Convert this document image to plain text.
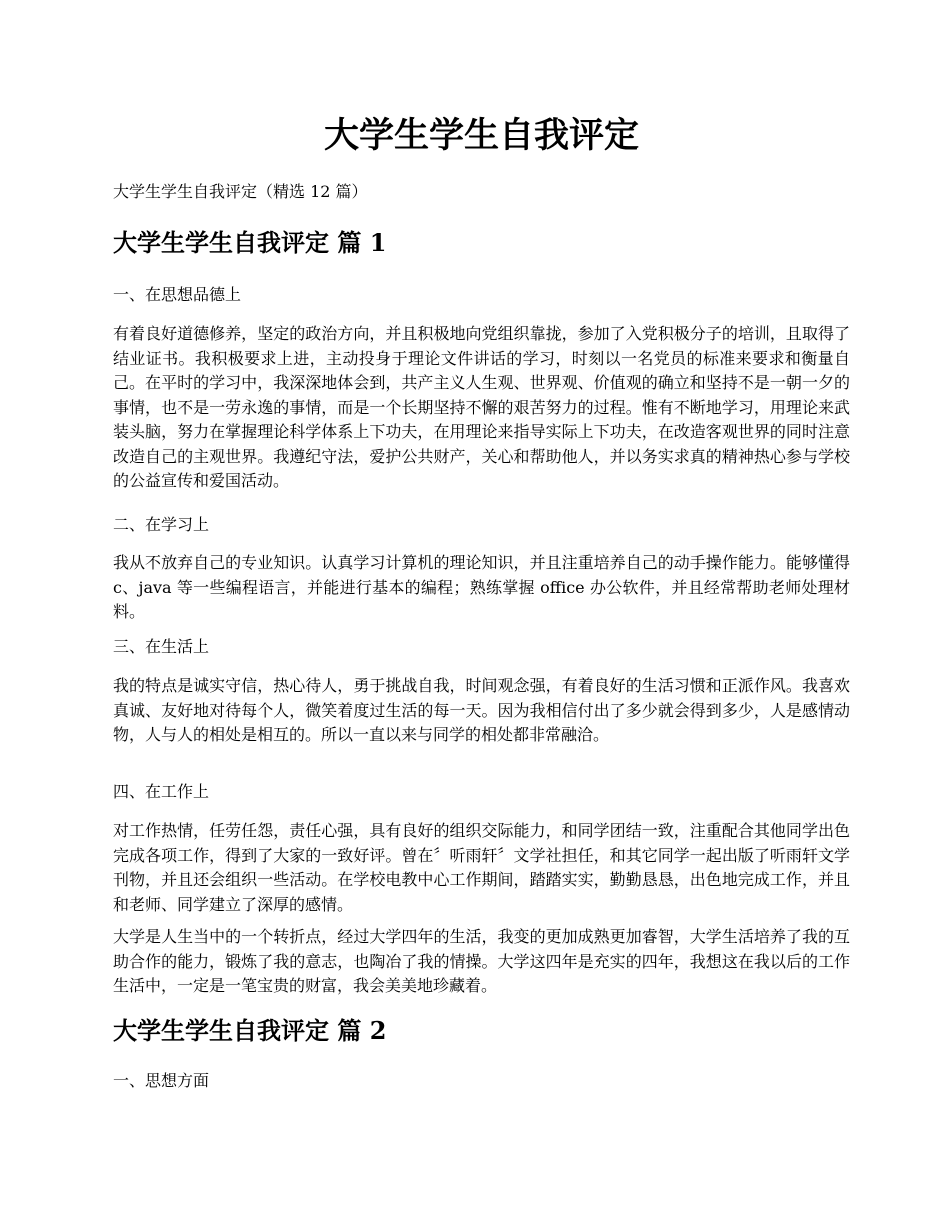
大学生学生自我评定

大学生学生自我评定（精选 12 篇）

大学生学生自我评定 篇 1

一、在思想品德上

有着良好道德修养，坚定的政治方向，并且积极地向党组织靠拢，参加了入党积极分子的培训，且取得了结业证书。我积极要求上进，主动投身于理论文件讲话的学习，时刻以一名党员的标准来要求和衡量自己。在平时的学习中，我深深地体会到，共产主义人生观、世界观、价值观的确立和坚持不是一朝一夕的事情，也不是一劳永逸的事情，而是一个长期坚持不懈的艰苦努力的过程。惟有不断地学习，用理论来武装头脑，努力在掌握理论科学体系上下功夫，在用理论来指导实际上下功夫，在改造客观世界的同时注意改造自己的主观世界。我遵纪守法，爱护公共财产，关心和帮助他人，并以务实求真的精神热心参与学校的公益宣传和爱国活动。

二、在学习上

我从不放弃自己的专业知识。认真学习计算机的理论知识，并且注重培养自己的动手操作能力。能够懂得 c、java 等一些编程语言，并能进行基本的编程；熟练掌握 office 办公软件，并且经常帮助老师处理材料。

三、在生活上

我的特点是诚实守信，热心待人，勇于挑战自我，时间观念强，有着良好的生活习惯和正派作风。我喜欢真诚、友好地对待每个人，微笑着度过生活的每一天。因为我相信付出了多少就会得到多少，人是感情动物，人与人的相处是相互的。所以一直以来与同学的相处都非常融洽。

四、在工作上

对工作热情，任劳任怨，责任心强，具有良好的组织交际能力，和同学团结一致，注重配合其他同学出色完成各项工作，得到了大家的一致好评。曾在〞听雨轩〞文学社担任，和其它同学一起出版了听雨轩文学刊物，并且还会组织一些活动。在学校电教中心工作期间，踏踏实实，勤勤恳恳，出色地完成工作，并且和老师、同学建立了深厚的感情。

大学是人生当中的一个转折点，经过大学四年的生活，我变的更加成熟更加睿智，大学生活培养了我的互助合作的能力，锻炼了我的意志，也陶冶了我的情操。大学这四年是充实的四年，我想这在我以后的工作生活中，一定是一笔宝贵的财富，我会美美地珍藏着。

大学生学生自我评定 篇 2

一、思想方面
